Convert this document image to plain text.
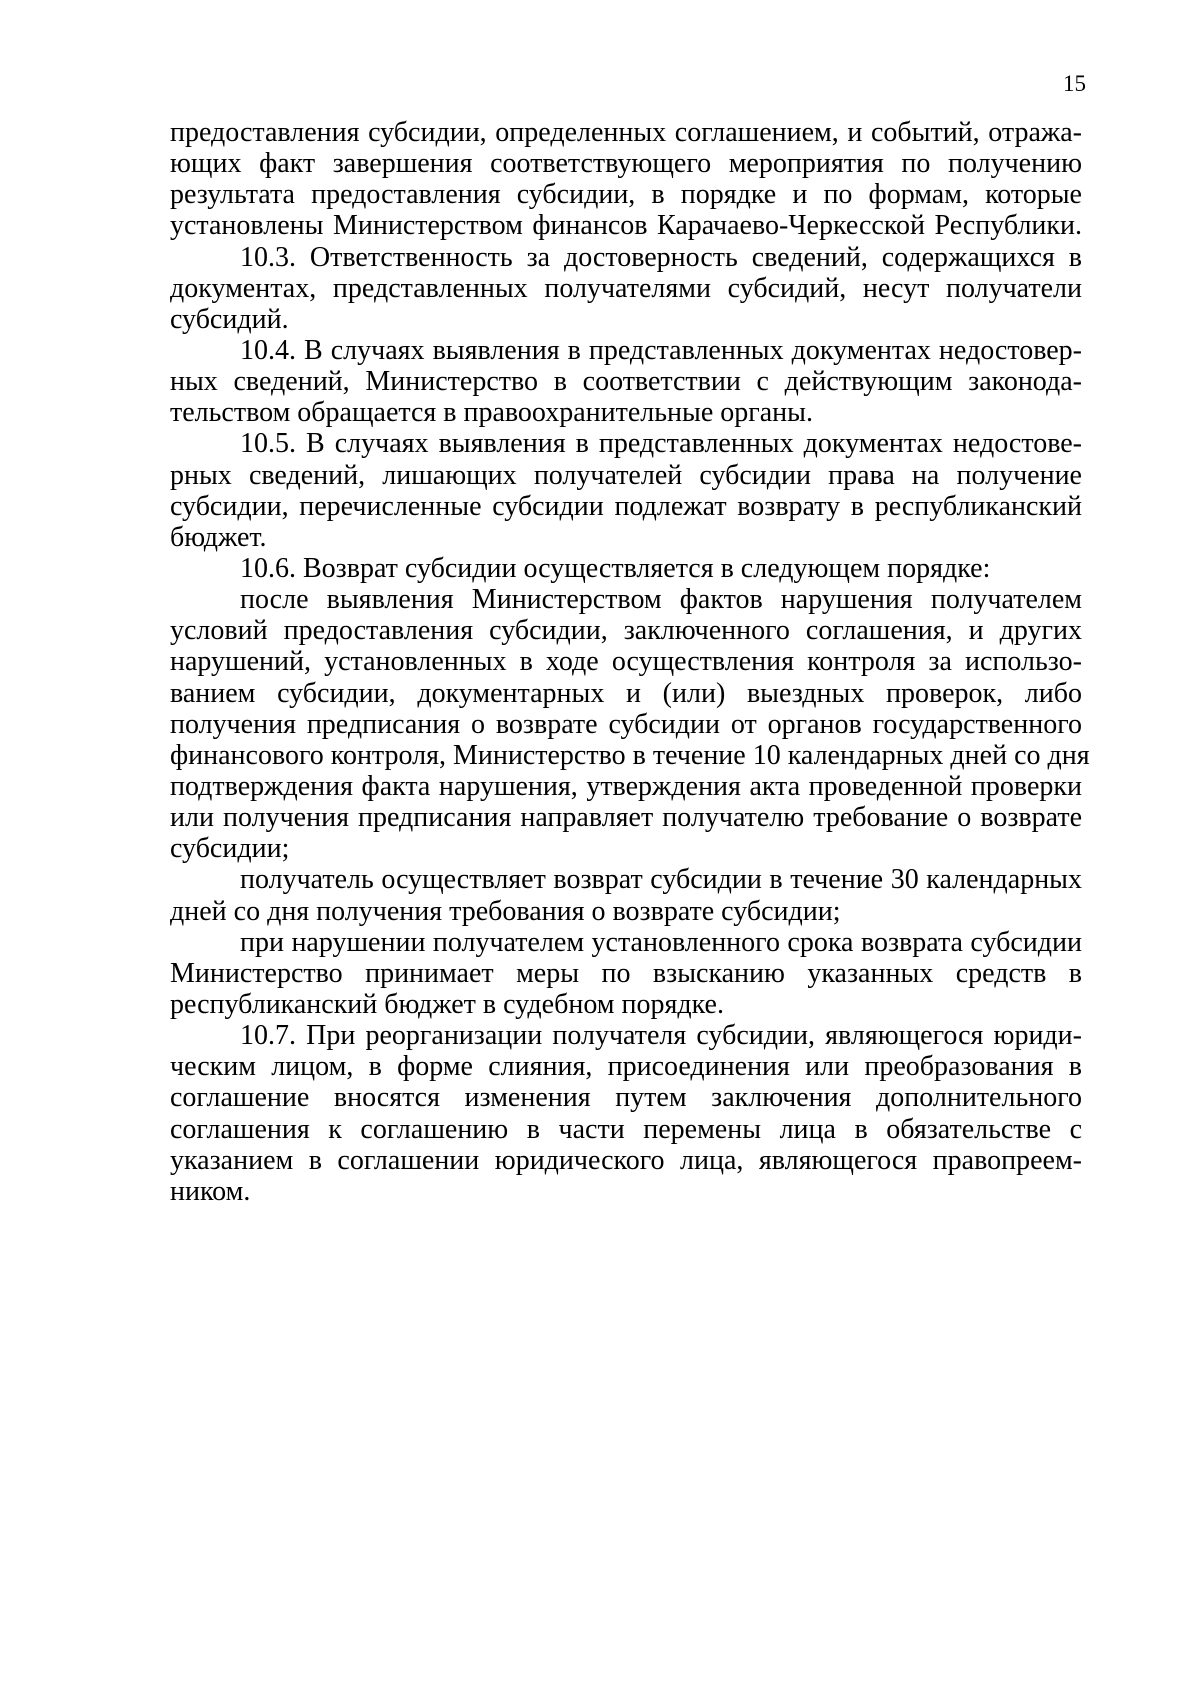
15
предоставления субсидии, определенных соглашением, и событий, отража-
ющих факт завершения соответствующего мероприятия по получению
результата предоставления субсидии, в порядке и по формам, которые
установлены Министерством финансов Карачаево-Черкесской Республики.
10.3. Ответственность за достоверность сведений, содержащихся в
документах, представленных получателями субсидий, несут получатели
субсидий.
10.4. В случаях выявления в представленных документах недостовер-
ных сведений, Министерство в соответствии с действующим законода-
тельством обращается в правоохранительные органы.
10.5. В случаях выявления в представленных документах недостове-
рных сведений, лишающих получателей субсидии права на получение
субсидии, перечисленные субсидии подлежат возврату в республиканский
бюджет.
10.6. Возврат субсидии осуществляется в следующем порядке:
после выявления Министерством фактов нарушения получателем
условий предоставления субсидии, заключенного соглашения, и других
нарушений, установленных в ходе осуществления контроля за использо-
ванием субсидии, документарных и (или) выездных проверок, либо
получения предписания о возврате субсидии от органов государственного
финансового контроля, Министерство в течение 10 календарных дней со дня
подтверждения факта нарушения, утверждения акта проведенной проверки
или получения предписания направляет получателю требование о возврате
субсидии;
получатель осуществляет возврат субсидии в течение 30 календарных
дней со дня получения требования о возврате субсидии;
при нарушении получателем установленного срока возврата субсидии
Министерство принимает меры по взысканию указанных средств в
республиканский бюджет в судебном порядке.
10.7. При реорганизации получателя субсидии, являющегося юриди-
ческим лицом, в форме слияния, присоединения или преобразования в
соглашение вносятся изменения путем заключения дополнительного
соглашения к соглашению в части перемены лица в обязательстве с
указанием в соглашении юридического лица, являющегося правопреем-
ником.
